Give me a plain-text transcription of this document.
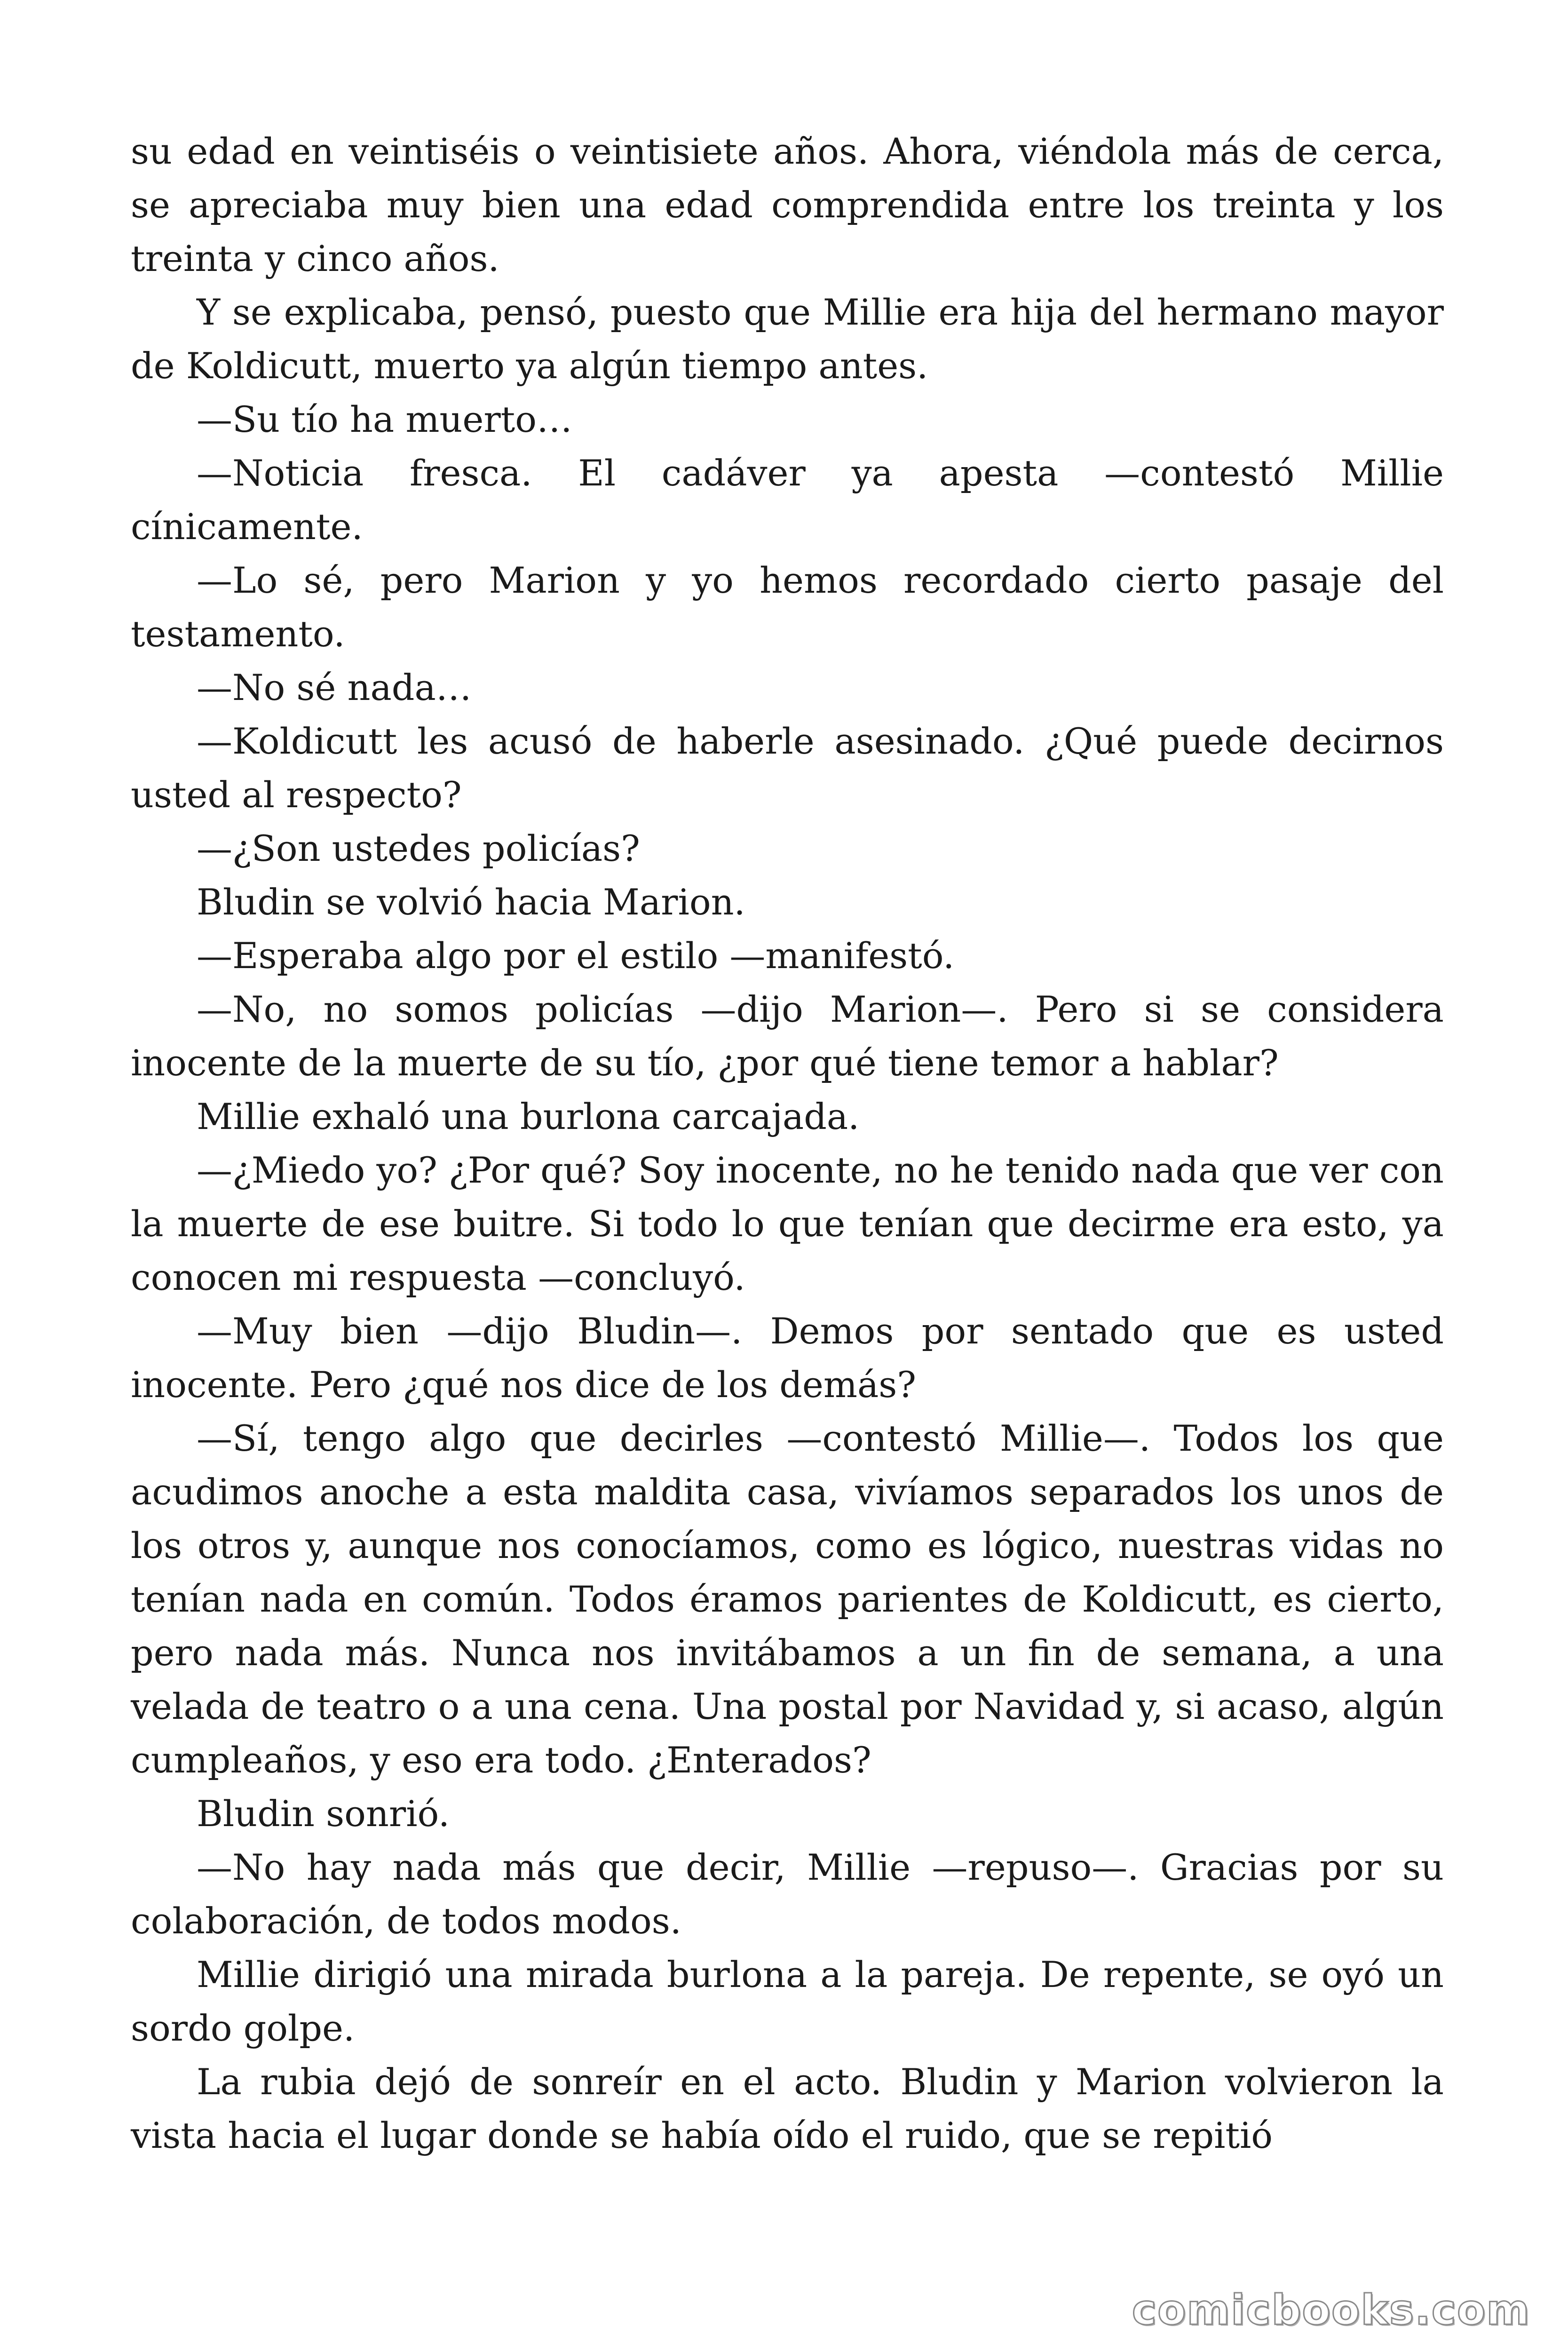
su edad en veintiséis o veintisiete años. Ahora, viéndola más de cerca, se apreciaba muy bien una edad comprendida entre los treinta y los treinta y cinco años.

Y se explicaba, pensó, puesto que Millie era hija del hermano mayor de Koldicutt, muerto ya algún tiempo antes.

—Su tío ha muerto…

—Noticia fresca. El cadáver ya apesta —contestó Millie cínicamente.

—Lo sé, pero Marion y yo hemos recordado cierto pasaje del testamento.

—No sé nada…

—Koldicutt les acusó de haberle asesinado. ¿Qué puede decirnos usted al respecto?

—¿Son ustedes policías?

Bludin se volvió hacia Marion.

—Esperaba algo por el estilo —manifestó.

—No, no somos policías —dijo Marion—. Pero si se considera inocente de la muerte de su tío, ¿por qué tiene temor a hablar?

Millie exhaló una burlona carcajada.

—¿Miedo yo? ¿Por qué? Soy inocente, no he tenido nada que ver con la muerte de ese buitre. Si todo lo que tenían que decirme era esto, ya conocen mi respuesta —concluyó.

—Muy bien —dijo Bludin—. Demos por sentado que es usted inocente. Pero ¿qué nos dice de los demás?

—Sí, tengo algo que decirles —contestó Millie—. Todos los que acudimos anoche a esta maldita casa, vivíamos separados los unos de los otros y, aunque nos conocíamos, como es lógico, nuestras vidas no tenían nada en común. Todos éramos parientes de Koldicutt, es cierto, pero nada más. Nunca nos invitábamos a un fin de semana, a una velada de teatro o a una cena. Una postal por Navidad y, si acaso, algún cumpleaños, y eso era todo. ¿Enterados?

Bludin sonrió.

—No hay nada más que decir, Millie —repuso—. Gracias por su colaboración, de todos modos.

Millie dirigió una mirada burlona a la pareja. De repente, se oyó un sordo golpe.

La rubia dejó de sonreír en el acto. Bludin y Marion volvieron la vista hacia el lugar donde se había oído el ruido, que se repitió

comicbooks.com
